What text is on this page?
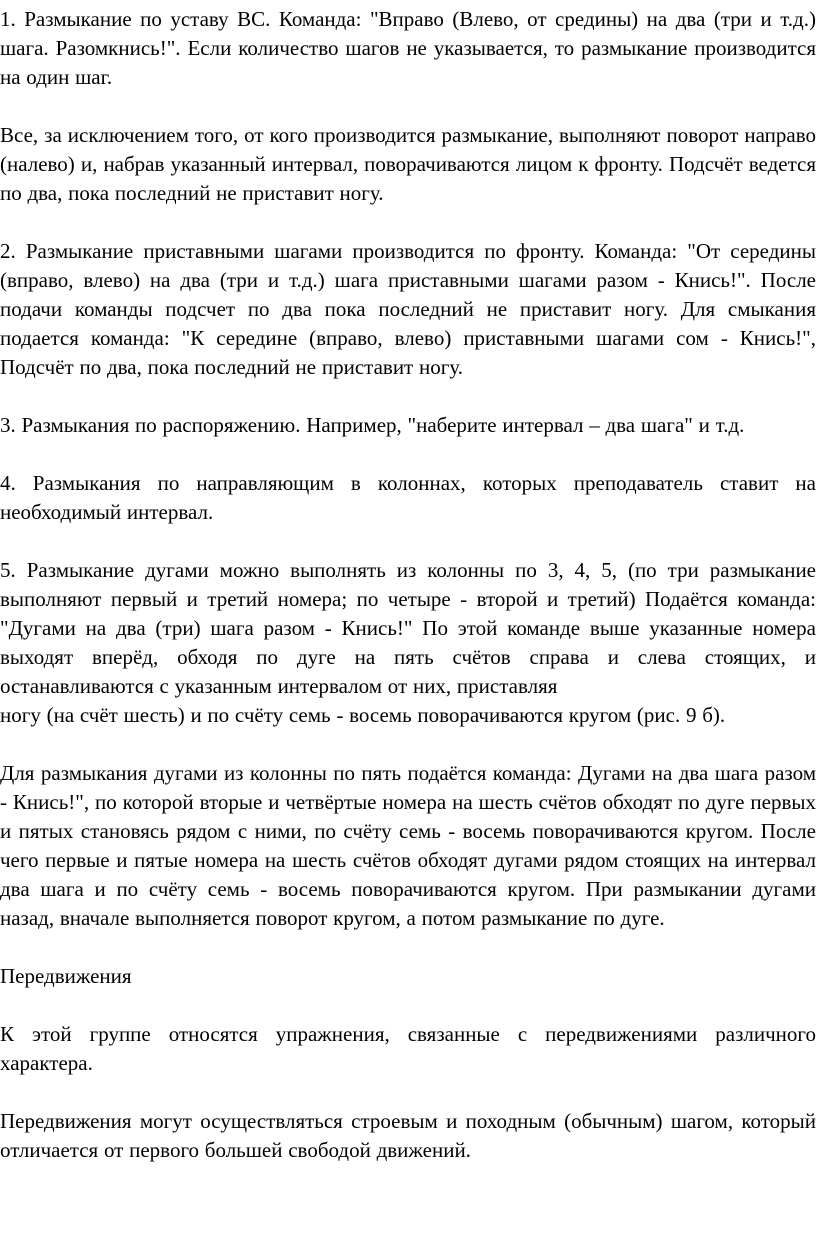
1. Размыкание по уставу ВС. Команда: "Вправо (Влево, от средины) на два (три и т.д.) шага. Разомкнись!". Если количество шагов не указывается, то размыкание производится на один шаг.

Все, за исключением того, от кого производится размыкание, выполняют поворот направо (налево) и, набрав указанный интервал, поворачиваются лицом к фронту. Подсчёт ведется по два, пока последний не приставит ногу.

2. Размыкание приставными шагами производится по фронту. Команда: "От середины (вправо, влево) на два (три и т.д.) шага приставными шагами разом - Кнись!". После подачи команды подсчет по два пока последний не приставит ногу. Для смыкания подается команда: "К середине (вправо, влево) приставными шагами сом - Кнись!", Подсчёт по два, пока последний не приставит ногу.

3. Размыкания по распоряжению. Например, "наберите интервал – два шага" и т.д.

4. Размыкания по направляющим в колоннах, которых преподаватель ставит на необходимый интервал.

5. Размыкание дугами можно выполнять из колонны по 3, 4, 5, (по три размыкание выполняют первый и третий номера; по четыре - второй и третий) Подаётся команда: "Дугами на два (три) шага разом - Кнись!" По этой команде выше указанные номера выходят вперёд, обходя по дуге на пять счётов справа и слева стоящих, и останавливаются с указанным интервалом от них, приставляя
ногу (на счёт шесть) и по счёту семь - восемь поворачиваются кругом (рис. 9 б).

Для размыкания дугами из колонны по пять подаётся команда: Дугами на два шага разом - Кнись!", по которой вторые и четвёртые номера на шесть счётов обходят по дуге первых и пятых становясь рядом с ними, по счёту семь - восемь поворачиваются кругом. После чего первые и пятые номера на шесть счётов обходят дугами рядом стоящих на интервал два шага и по счёту семь - восемь поворачиваются кругом. При размыкании дугами назад, вначале выполняется поворот кругом, а потом размыкание по дуге.

Передвижения

К этой группе относятся упражнения, связанные с передвижениями различного характера.

Передвижения могут осуществляться строевым и походным (обычным) шагом, который отличается от первого большей свободой движений.
